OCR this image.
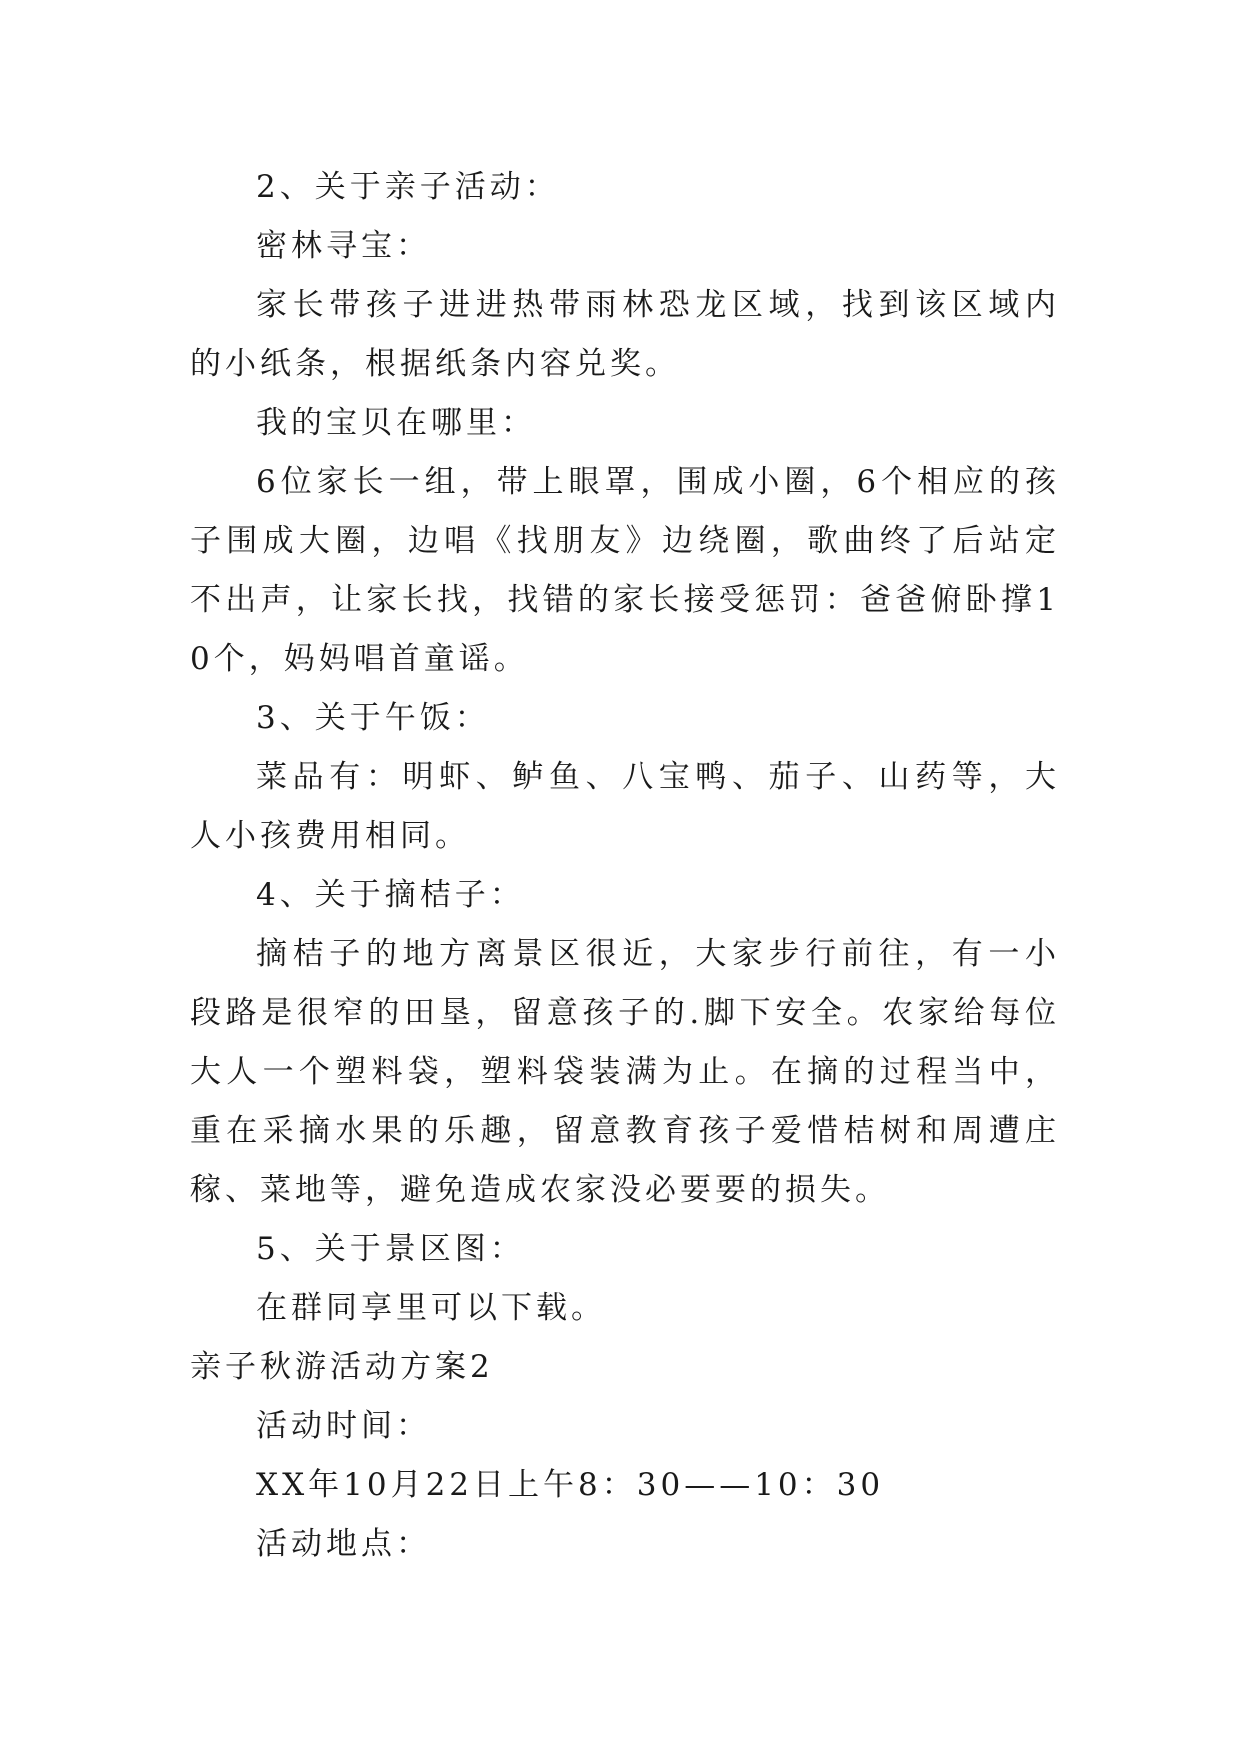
2、关于亲子活动：

密林寻宝：

家长带孩子进进热带雨林恐龙区域，找到该区域内的小纸条，根据纸条内容兑奖。

我的宝贝在哪里：

6位家长一组，带上眼罩，围成小圈，6个相应的孩子围成大圈，边唱《找朋友》边绕圈，歌曲终了后站定不出声，让家长找，找错的家长接受惩罚：爸爸俯卧撑10个，妈妈唱首童谣。

3、关于午饭：

菜品有：明虾、鲈鱼、八宝鸭、茄子、山药等，大人小孩费用相同。

4、关于摘桔子：

摘桔子的地方离景区很近，大家步行前往，有一小段路是很窄的田垦，留意孩子的.脚下安全。农家给每位大人一个塑料袋，塑料袋装满为止。在摘的过程当中，重在采摘水果的乐趣，留意教育孩子爱惜桔树和周遭庄稼、菜地等，避免造成农家没必要要的损失。

5、关于景区图：

在群同享里可以下载。

亲子秋游活动方案2

活动时间：

XX年10月22日上午8：30——10：30

活动地点：
